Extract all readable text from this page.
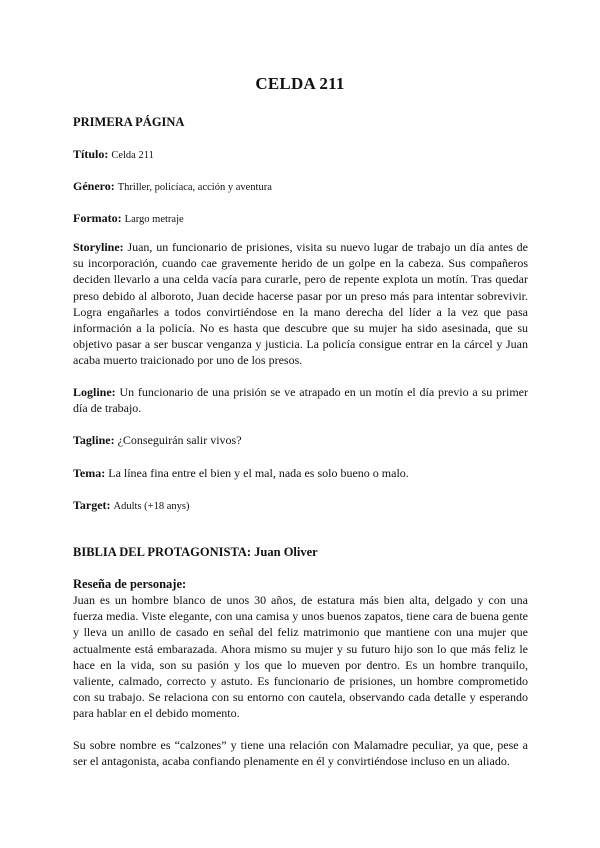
CELDA 211
PRIMERA PÁGINA
Título: Celda 211
Género: Thriller, policíaca, acción y aventura
Formato: Largo metraje
Storyline: Juan, un funcionario de prisiones, visita su nuevo lugar de trabajo un día antes de su incorporación, cuando cae gravemente herido de un golpe en la cabeza. Sus compañeros deciden llevarlo a una celda vacía para curarle, pero de repente explota un motín. Tras quedar preso debido al alboroto, Juan decide hacerse pasar por un preso más para intentar sobrevivir. Logra engañarles a todos convirtiéndose en la mano derecha del líder a la vez que pasa información a la policía. No es hasta que descubre que su mujer ha sido asesinada, que su objetivo pasar a ser buscar venganza y justicia. La policía consigue entrar en la cárcel y Juan acaba muerto traicionado por uno de los presos.
Logline: Un funcionario de una prisión se ve atrapado en un motín el día previo a su primer día de trabajo.
Tagline: ¿Conseguirán salir vivos?
Tema: La línea fina entre el bien y el mal, nada es solo bueno o malo.
Target: Adults (+18 anys)
BIBLIA DEL PROTAGONISTA: Juan Oliver
Reseña de personaje:
Juan es un hombre blanco de unos 30 años, de estatura más bien alta, delgado y con una fuerza media. Viste elegante, con una camisa y unos buenos zapatos, tiene cara de buena gente y lleva un anillo de casado en señal del feliz matrimonio que mantiene con una mujer que actualmente está embarazada. Ahora mismo su mujer y su futuro hijo son lo que más feliz le hace en la vida, son su pasión y los que lo mueven por dentro. Es un hombre tranquilo, valiente, calmado, correcto y astuto. Es funcionario de prisiones, un hombre comprometido con su trabajo. Se relaciona con su entorno con cautela, observando cada detalle y esperando para hablar en el debido momento.
Su sobre nombre es “calzones” y tiene una relación con Malamadre peculiar, ya que, pese a ser el antagonista, acaba confiando plenamente en él y convirtiéndose incluso en un aliado.
